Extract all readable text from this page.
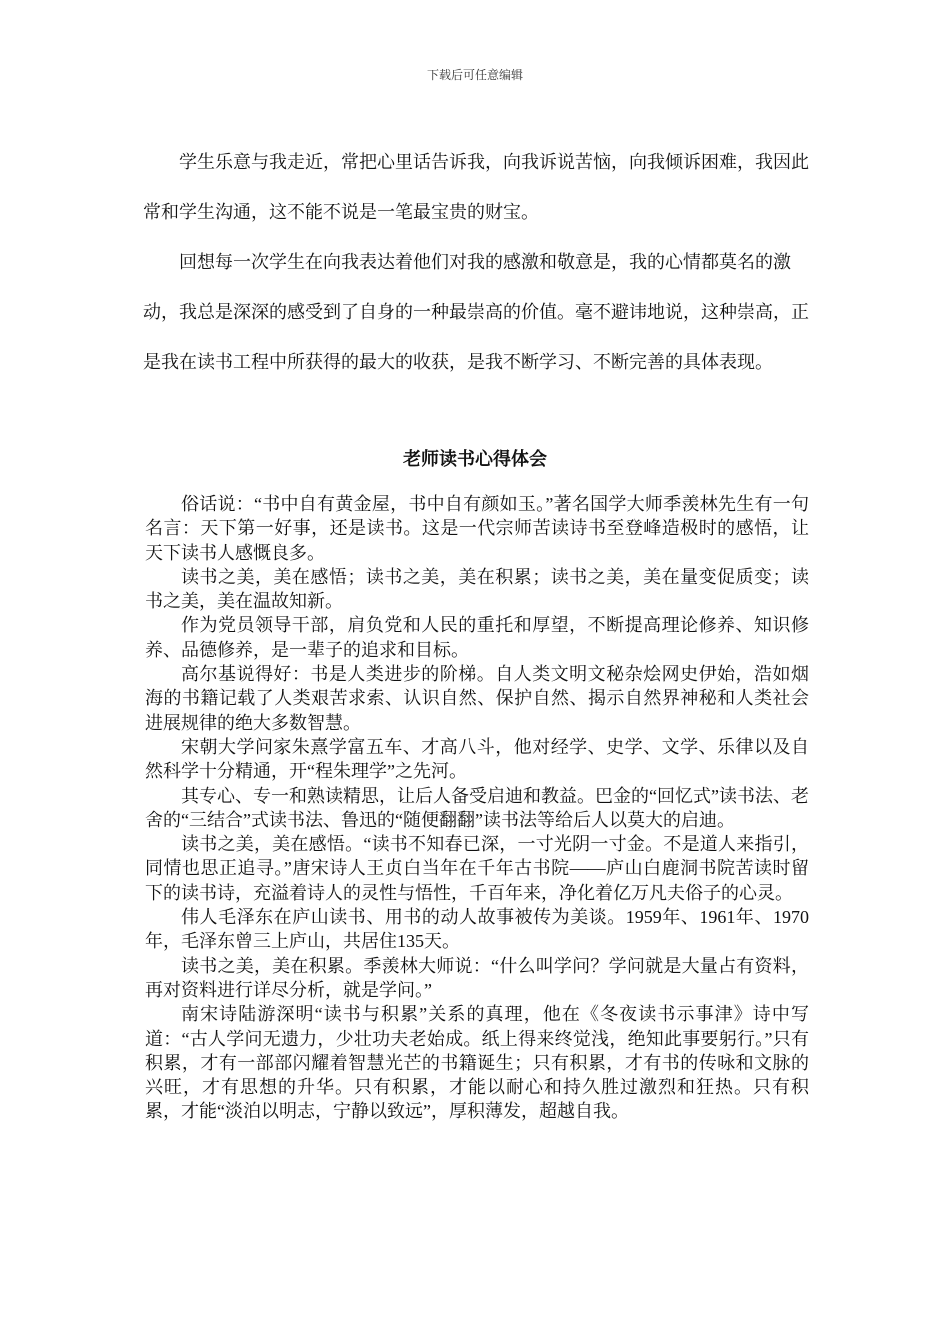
下载后可任意编辑

学生乐意与我走近，常把心里话告诉我，向我诉说苦恼，向我倾诉困难，我因此常和学生沟通，这不能不说是一笔最宝贵的财宝。

回想每一次学生在向我表达着他们对我的感激和敬意是，我的心情都莫名的激动，我总是深深的感受到了自身的一种最崇高的价值。毫不避讳地说，这种崇高，正是我在读书工程中所获得的最大的收获，是我不断学习、不断完善的具体表现。

老师读书心得体会

俗话说：“书中自有黄金屋，书中自有颜如玉。”著名国学大师季羡林先生有一句名言：天下第一好事，还是读书。这是一代宗师苦读诗书至登峰造极时的感悟，让天下读书人感慨良多。

读书之美，美在感悟；读书之美，美在积累；读书之美，美在量变促质变；读书之美，美在温故知新。

作为党员领导干部，肩负党和人民的重托和厚望，不断提高理论修养、知识修养、品德修养，是一辈子的追求和目标。

高尔基说得好：书是人类进步的阶梯。自人类文明文秘杂烩网史伊始，浩如烟海的书籍记载了人类艰苦求索、认识自然、保护自然、揭示自然界神秘和人类社会进展规律的绝大多数智慧。

宋朝大学问家朱熹学富五车、才高八斗，他对经学、史学、文学、乐律以及自然科学十分精通，开“程朱理学”之先河。

其专心、专一和熟读精思，让后人备受启迪和教益。巴金的“回忆式”读书法、老舍的“三结合”式读书法、鲁迅的“随便翻翻”读书法等给后人以莫大的启迪。

读书之美，美在感悟。“读书不知春已深，一寸光阴一寸金。不是道人来指引，同情也思正追寻。”唐宋诗人王贞白当年在千年古书院——庐山白鹿洞书院苦读时留下的读书诗，充溢着诗人的灵性与悟性，千百年来，净化着亿万凡夫俗子的心灵。

伟人毛泽东在庐山读书、用书的动人故事被传为美谈。1959年、1961年、1970年，毛泽东曾三上庐山，共居住135天。

读书之美，美在积累。季羡林大师说：“什么叫学问？学问就是大量占有资料，再对资料进行详尽分析，就是学问。”

南宋诗陆游深明“读书与积累”关系的真理，他在《冬夜读书示事津》诗中写道：“古人学问无遗力，少壮功夫老始成。纸上得来终觉浅，绝知此事要躬行。”只有积累，才有一部部闪耀着智慧光芒的书籍诞生；只有积累，才有书的传咏和文脉的兴旺，才有思想的升华。只有积累，才能以耐心和持久胜过激烈和狂热。只有积累，才能“淡泊以明志，宁静以致远”，厚积薄发，超越自我。
